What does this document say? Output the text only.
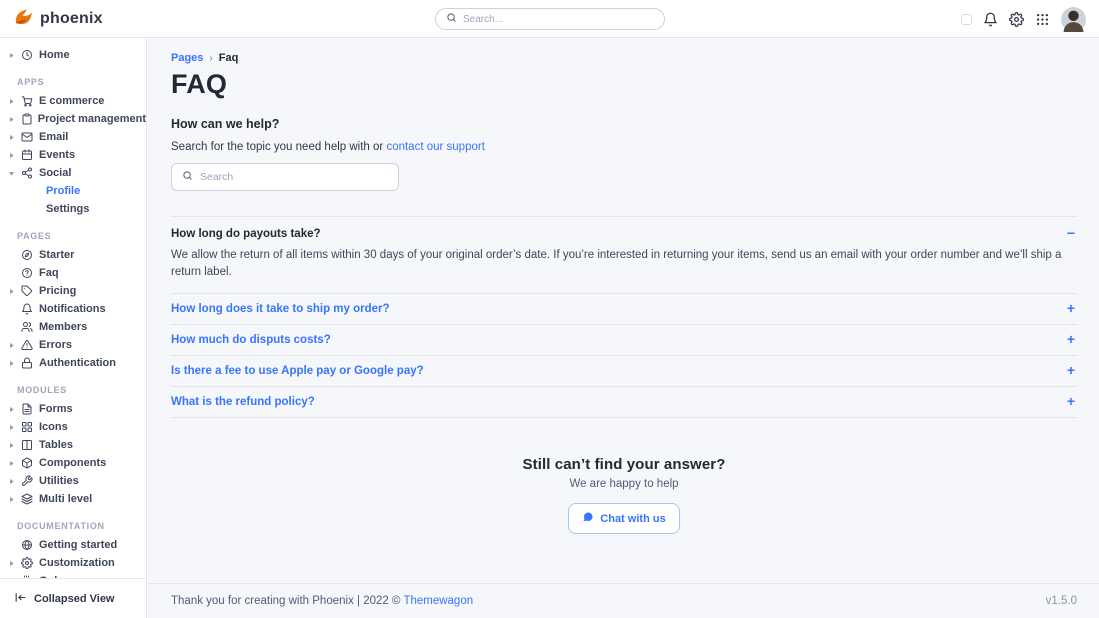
phoenix
Search...
Home
APPS
E commerce
Project management
Email
Events
Social
Profile
Settings
PAGES
Starter
Faq
Pricing
Notifications
Members
Errors
Authentication
MODULES
Forms
Icons
Tables
Components
Utilities
Multi level
DOCUMENTATION
Getting started
Customization
Collapsed View
Pages › Faq
FAQ
How can we help?

Search for the topic you need help with or contact our support

Search
How long do payouts take?	−
We allow the return of all items within 30 days of your original order’s date. If you’re interested in returning your items, send us an email with your order number and we’ll ship a return label.
How long does it take to ship my order?	+
How much do disputs costs?	+
Is there a fee to use Apple pay or Google pay?	+
What is the refund policy?	+
Still can’t find your answer?

We are happy to help

Chat with us
Thank you for creating with Phoenix | 2022 © Themewagon	v1.5.0
